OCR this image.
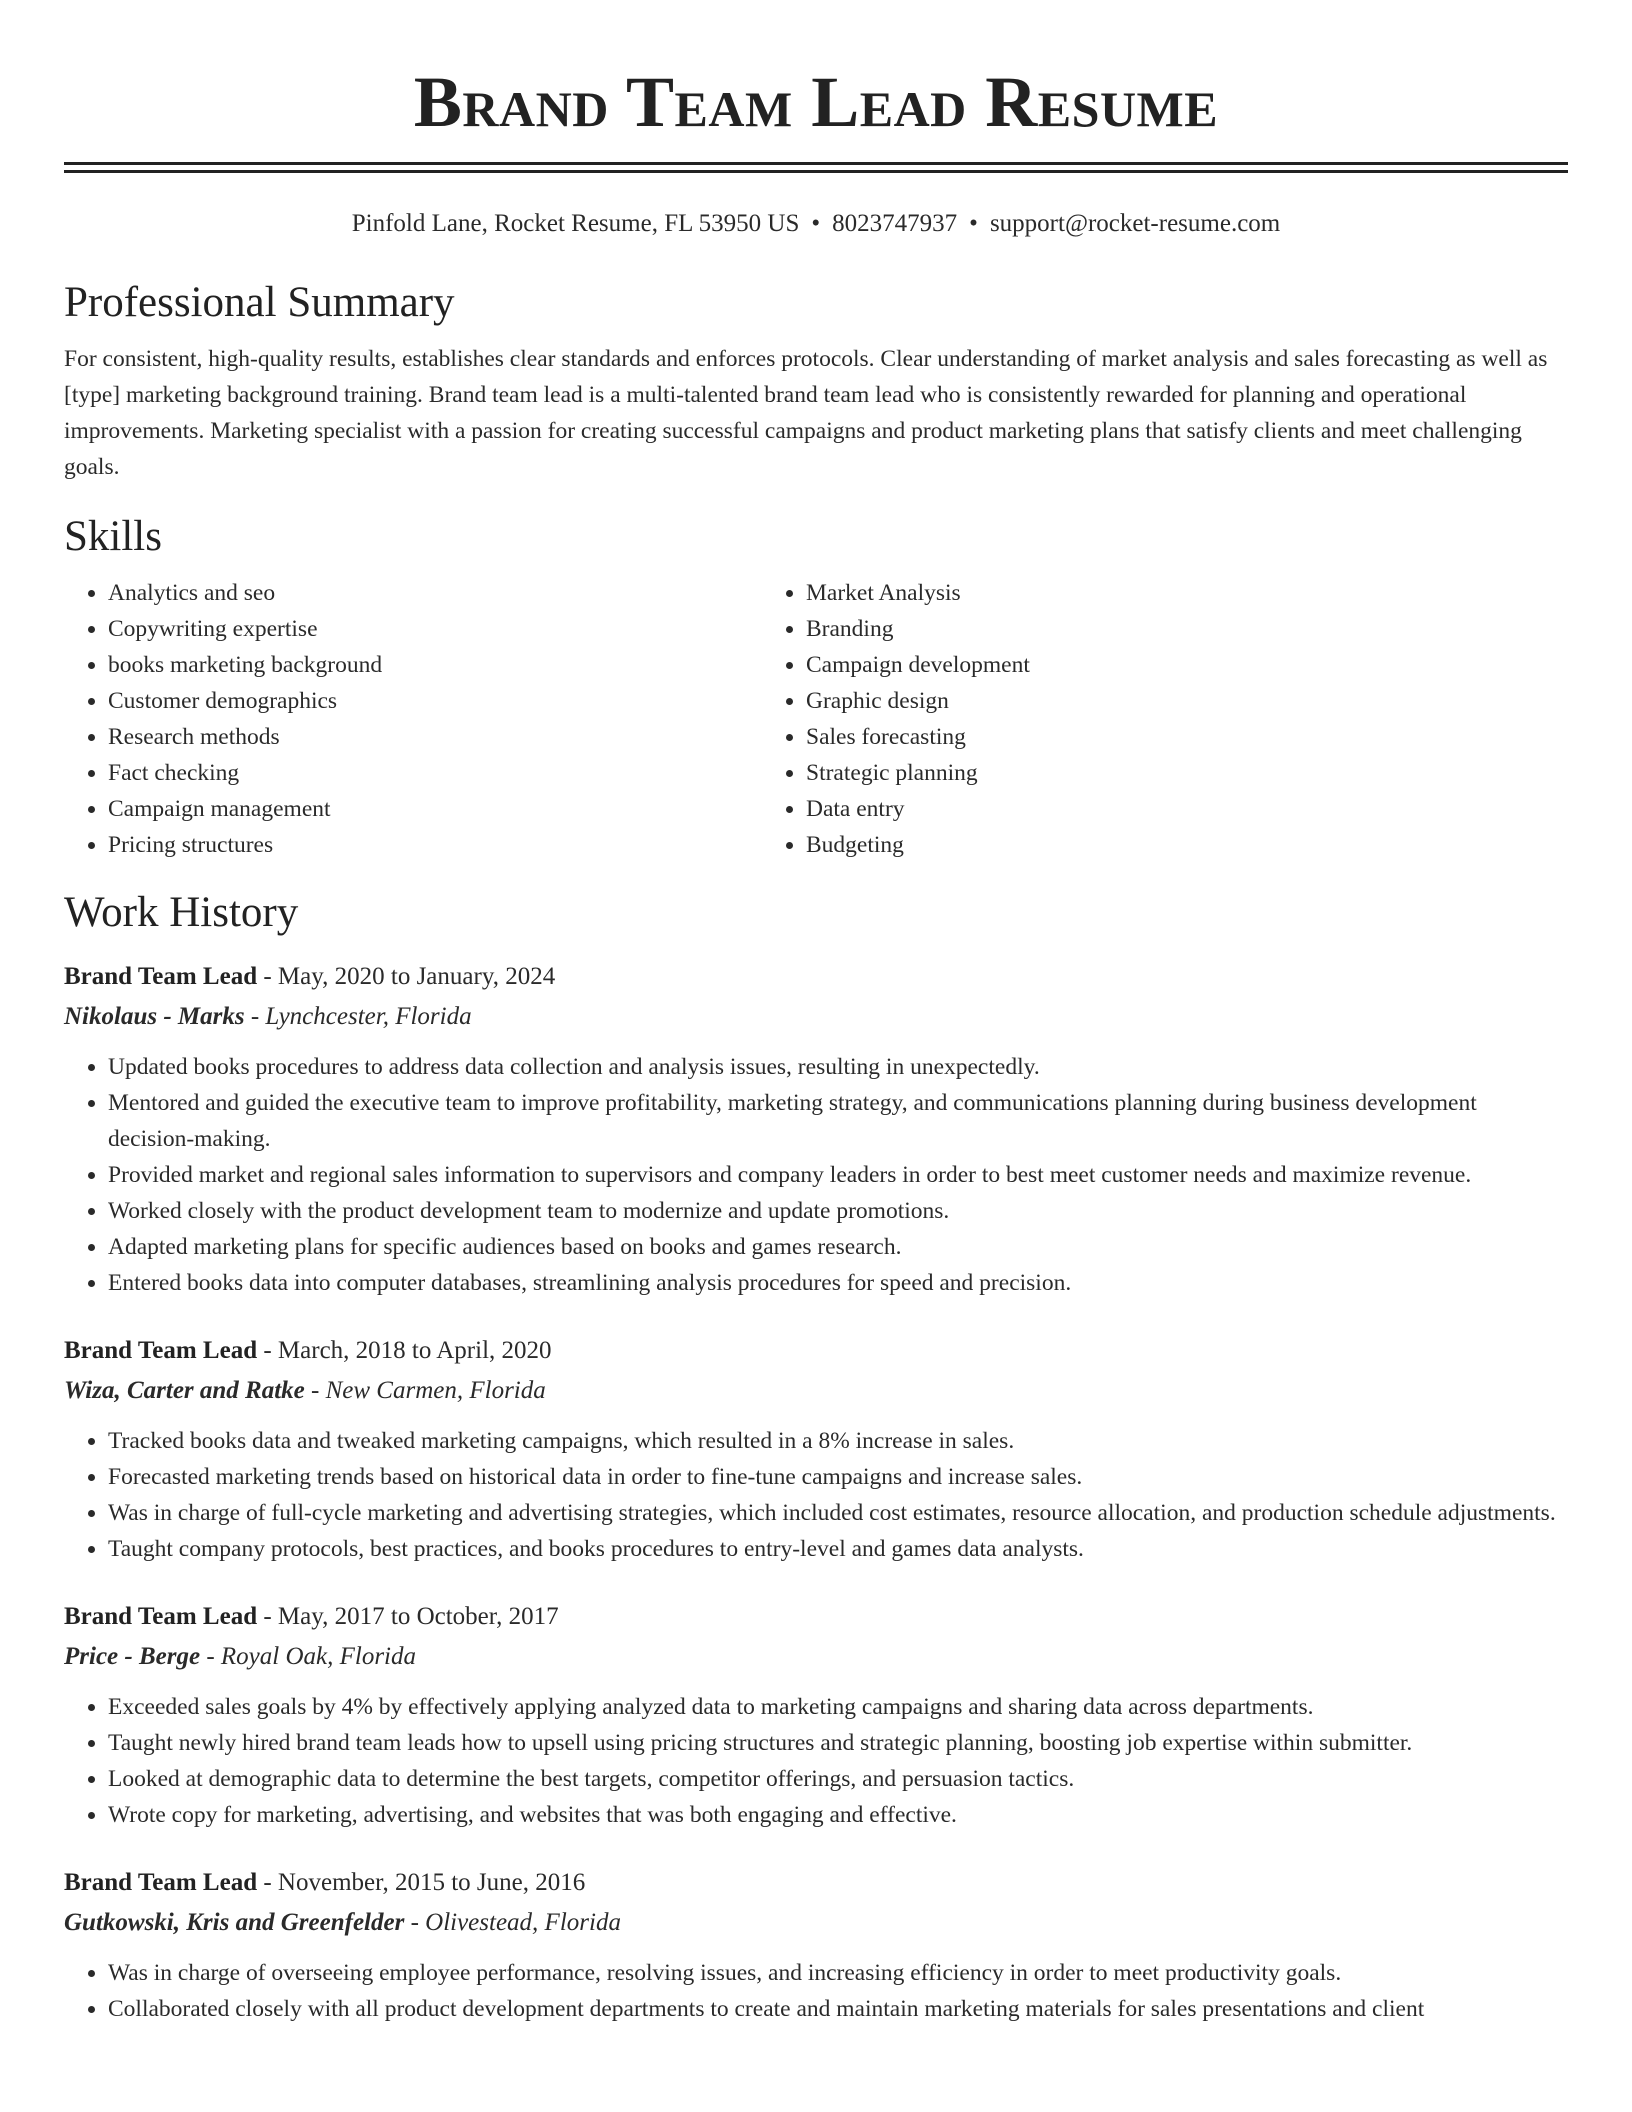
Brand Team Lead Resume
Pinfold Lane, Rocket Resume, FL 53950 US • 8023747937 • support@rocket-resume.com
Professional Summary

For consistent, high-quality results, establishes clear standards and enforces protocols. Clear understanding of market analysis and sales forecasting as well as [type] marketing background training. Brand team lead is a multi-talented brand team lead who is consistently rewarded for planning and operational improvements. Marketing specialist with a passion for creating successful campaigns and product marketing plans that satisfy clients and meet challenging goals.

Skills
• Analytics and seo
• Copywriting expertise
• books marketing background
• Customer demographics
• Research methods
• Fact checking
• Campaign management
• Pricing structures
• Market Analysis
• Branding
• Campaign development
• Graphic design
• Sales forecasting
• Strategic planning
• Data entry
• Budgeting
Work History
Brand Team Lead - May, 2020 to January, 2024
Nikolaus - Marks - Lynchcester, Florida
• Updated books procedures to address data collection and analysis issues, resulting in unexpectedly.
• Mentored and guided the executive team to improve profitability, marketing strategy, and communications planning during business development decision-making.
• Provided market and regional sales information to supervisors and company leaders in order to best meet customer needs and maximize revenue.
• Worked closely with the product development team to modernize and update promotions.
• Adapted marketing plans for specific audiences based on books and games research.
• Entered books data into computer databases, streamlining analysis procedures for speed and precision.
Brand Team Lead - March, 2018 to April, 2020
Wiza, Carter and Ratke - New Carmen, Florida
• Tracked books data and tweaked marketing campaigns, which resulted in a 8% increase in sales.
• Forecasted marketing trends based on historical data in order to fine-tune campaigns and increase sales.
• Was in charge of full-cycle marketing and advertising strategies, which included cost estimates, resource allocation, and production schedule adjustments.
• Taught company protocols, best practices, and books procedures to entry-level and games data analysts.
Brand Team Lead - May, 2017 to October, 2017
Price - Berge - Royal Oak, Florida
• Exceeded sales goals by 4% by effectively applying analyzed data to marketing campaigns and sharing data across departments.
• Taught newly hired brand team leads how to upsell using pricing structures and strategic planning, boosting job expertise within submitter.
• Looked at demographic data to determine the best targets, competitor offerings, and persuasion tactics.
• Wrote copy for marketing, advertising, and websites that was both engaging and effective.
Brand Team Lead - November, 2015 to June, 2016
Gutkowski, Kris and Greenfelder - Olivestead, Florida
• Was in charge of overseeing employee performance, resolving issues, and increasing efficiency in order to meet productivity goals.
• Collaborated closely with all product development departments to create and maintain marketing materials for sales presentations and client
